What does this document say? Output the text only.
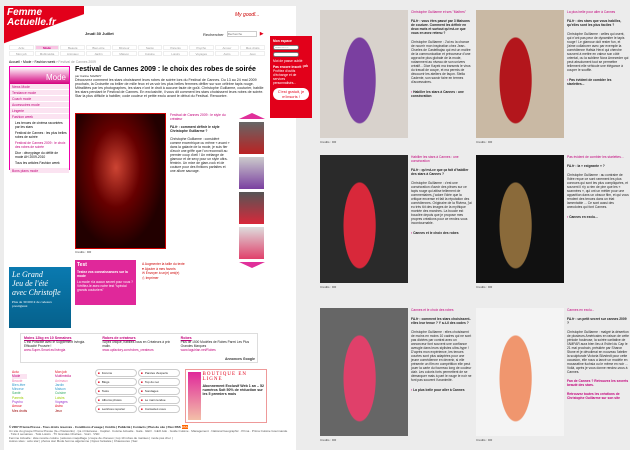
Femme
Actuelle.fr
Jeudi 30 Juillet
My goodl...
Rechercher
Recherche	▶
Actu	Mode	Beauté	Bien-être	Minceur	Santé	Parents	Psycho	Amour	Mes droits
Mon job	Multimédia	Animaux	Jardin	Maison	Cuisine	Loisirs	Voyages	Astro	Jeux
Accueil › Mode › Fashion week › Festival de Cannes 2009
Mode
News Mode
Tendance mode
Coach mode
Accessoires mode
Lingerie
Fashion week
Les tenues de cinéma racontées par les stars
Festival de Cannes : les plus belles robes de soirée
Festival de Cannes 2009 : le choix des robes de soirée
Dior : décryptage du défilé de mode AH 2009-2010
Tous les articles Fashion week
Bons plans mode
Festival de Cannes 2009 : le choix des robes de soirée
par Carine SAVARY
Découvrez comment les stars choisissent leurs robes de soirée lors du Festival de Cannes. Du 13 au 24 mai 2009 prochain, la Croisette va briller de mille feux et va voir les plus belles femmes défiler sur son célèbre tapis rouge. Mitraillées par les photographes, les stars n'ont le droit à aucune faute de goût. Christophe Guillarme, couturier, habille les stars pendant le Festival de Cannes. En exclusivité, il vous dit comment les stars choisissent leurs robes de soirée. Star la plus difficile à habiller, code couleur et petite exclu avant le début du Festival. Rencontre.
Crédits : DR
Festival de Cannes 2009 : le style du créateur

FA.fr : comment définir le style Christophe Guillarme ?

Christophe Guillarme : considéré comme excentrique ou même « avant » dans la galaxie de la mode, je suis fier d'avoir une griffe que l'on reconnaît au premier coup d'œil ! Un mélange de glamour et de sexy pour un style ultra-féminin. Un mixe de glam-rock et de couture pour des finitions parfaites et une allure sauvage.
Test

Testez vos connaissances sur la mode

La mode n'a aucun secret pour vous ? Vérifiez-le avec notre test "spécial grands couturiers"

A Augmenter la taille du texte
♥ Ajouter à mes favoris
✉ Envoyer à un(e) ami(e)
⎙ Imprimer
Le Grand
Jeu de l'été
avec Christofle
Plus de 30 000 € de cadeaux prestigieux
Moins 12kg en 10 Semaines
C'est Possible avec le Supplément Irvingia. Efficacité Prouvée !
www.Super-Smart.eu/Irvingia
Robes de créateurs
Soyez unique, habillez-vous en Créateurs à prix malin.
www.upfactory.com/robes_createurs
Robes
Plus de 1500 Modèles de Robes Parmi Les Plus Grandes Marques
www.laguirlan.net/Robes
Annonces Google
Actu
Mode
Beauté
Bien-être
Minceur
Santé
Parents
Psycho
Amour
Mes droits
Mon job
Multimédia
Animaux
Jardin
Maison
Cuisine
Loisirs
Voyages
Astro
Jeux
■ Forums	■ Paroles d'experts
■ Blogs	■ Top du net
■ Tests	■ Sondages
■ Albums photos	■ Le main tendue
■ Lectrices reporter	■ Contactez-nous
BOUTIQUE EN LIGNE
Abonnement Exclusif Web 1 an – 52 numéros Soit 50% de réduction sur les 5 premiers mois
© 2007 Prisma Presse · Tous droits réservés · Conditions d'usage | Crédits | Publicité | Contacts | Plan du site | Flux RSS RSS
Un site du groupe Prisma Presse (G+J Networks) · Ça m'intéresse · Capital · Cuisine Actuelle · Gala · GEO · GEO Ado · Guide Cuisine · Management · National Geographic · Prima · Prima Cuisine Gourmande · Télé 2 semaines · Télé Loisirs · TV Grandes Chaînes · Voici · VSD
Femme Actuelle : idée recette cuisine | astuces maquillage | coupe de cheveux | top 10 robes de mariées | mode pas cher |
Autres sites : actu star | photos star Mode femme algérienne | bijoux fantaisie | Chaussures | Sac
Mon espace
Utilisateur
ok
Mot de passe oublié
Pas encore inscrit ?
Profitez d'outils d'échange et de services personnalisés...
C'est gratuit, je m'inscris !
Crédits : DR
Christophe Guillarme et ses "Maîtres"

FA.fr : vous êtes passé par 3 Maisons de couture. Comment les définir en deux mots et surtout qu'est-ce que vous en avez retenu ?

Christophe Guillarme : J'ai eu la chance de nourrir mon inspiration chez Jean-Charles de Castelbajac qui est un maître de la communication et précurseur d'une approche plus globale de la mode, notamment au niveau de son univers créatif... Dice Kayek ma transmis le virus du travail de coupe, et ma permis de découvrir les ateliers de façon. Stella Cadente, son savoir faire en termes d'accessoires.

▪ Habiller les stars à Cannes : une consécration
Crédits : DR
La plus belle pour aller à Cannes

FA.fr : des stars que vous habillez, qu'elles sont les plus faciles ?

Christophe Guillarme : celles qui osent, qui n'ont pas peur de dynamiter le tapis rouge ! Le glamour doit rester fun, et j'aime collaborer avec par exemple la comédienne Hafsia Herzi qui cherche souvent à mettre en valeur son côté oriental, ou la sublime Nora Arnezeder qui peut absolument tout se permettre tellement elle véhicule une élégance à couper le souffle.

▪ Pas évident de combler les starlettes...
Crédits : DR
Habiller les stars à Cannes : une consécration

FA.fr : qu'est-ce que ça fait d'habiller des stars à Cannes ?

Christophe Guillarme : c'est une consécration d'avoir des pièces sur ce tapis rouge qui attise tellement de commentaires, j'adore l'idée que la critique encense et fait la réputation des comédiennes. Originaire de la Riviera, j'ai eu très tôt des images de la mythique montée des marches. La boucle est bouclée depuis que je propose mes propres créations pour ce rendez-vous incontournable.

▪ Cannes et le choix des robes
Crédits : DR
Pas évident de combler les starlettes...

FA.fr : la « exigeante » ?

Christophe Guillarme : au contraire de l'idée reçue ce sont rarement les plus connues qui sont les plus compliquées, et souvent il n'y a rien de pire que les « scannées », qui ont un métier pour une apparition dans un obscur film, et qui vous rendent des tenues dans un état lamentable ... Ce sont aussi des anecdotes qui font Cannes.

▪ Cannes en exclu...
Crédits : DR
Cannes et le choix des robes

FA.fr : comment les stars choisissent-elles leur tenue ? Y a-t-il des codes ?

Christophe Guillarme : elles choisissent de moins en moins 10 cadres qui ne sont pas dictées par contrat avec un annonceur font souvent une confiance aveugle dans leurs stylistes ultra-hype ! D'après mon expérience, les tenues courtes sont plus adaptées pour une jeune comédienne en devenir, si elle présente un film en compétition elle peut jouer la carte du fourreau long de couleur clair. Les coloris forts permettent de se démarquer mais à part le rouge le noir ne font pas souvent l'unanimité.

▪ La plus belle pour aller à Cannes
Crédits : DR
Cannes en exclu...

FA.fr : un petit secret sur cannes 2009 ?

Christophe Guillarme : malgré la désertion de plusieurs Américains en raison de cette période houleuse, la soirée caritative de l'AMFAR aura bien lieu à l'hôtel du Cap le 21 mai prochain, présidée par Sharon Stone et je dévoilerai en nouveau l'atelier la sculpturale Victoria Silvstedt pour cette occasion, elle nous a lancé un modèle en mousseline fuchsia ou le même en noir ... Voilà, après je vous donne rendez-vous à Cannes.

Fan de Cannes ? Retrouvez les secrets beauté des stars.

Retrouvez toutes les créations de Christophe Guillarme sur son site
